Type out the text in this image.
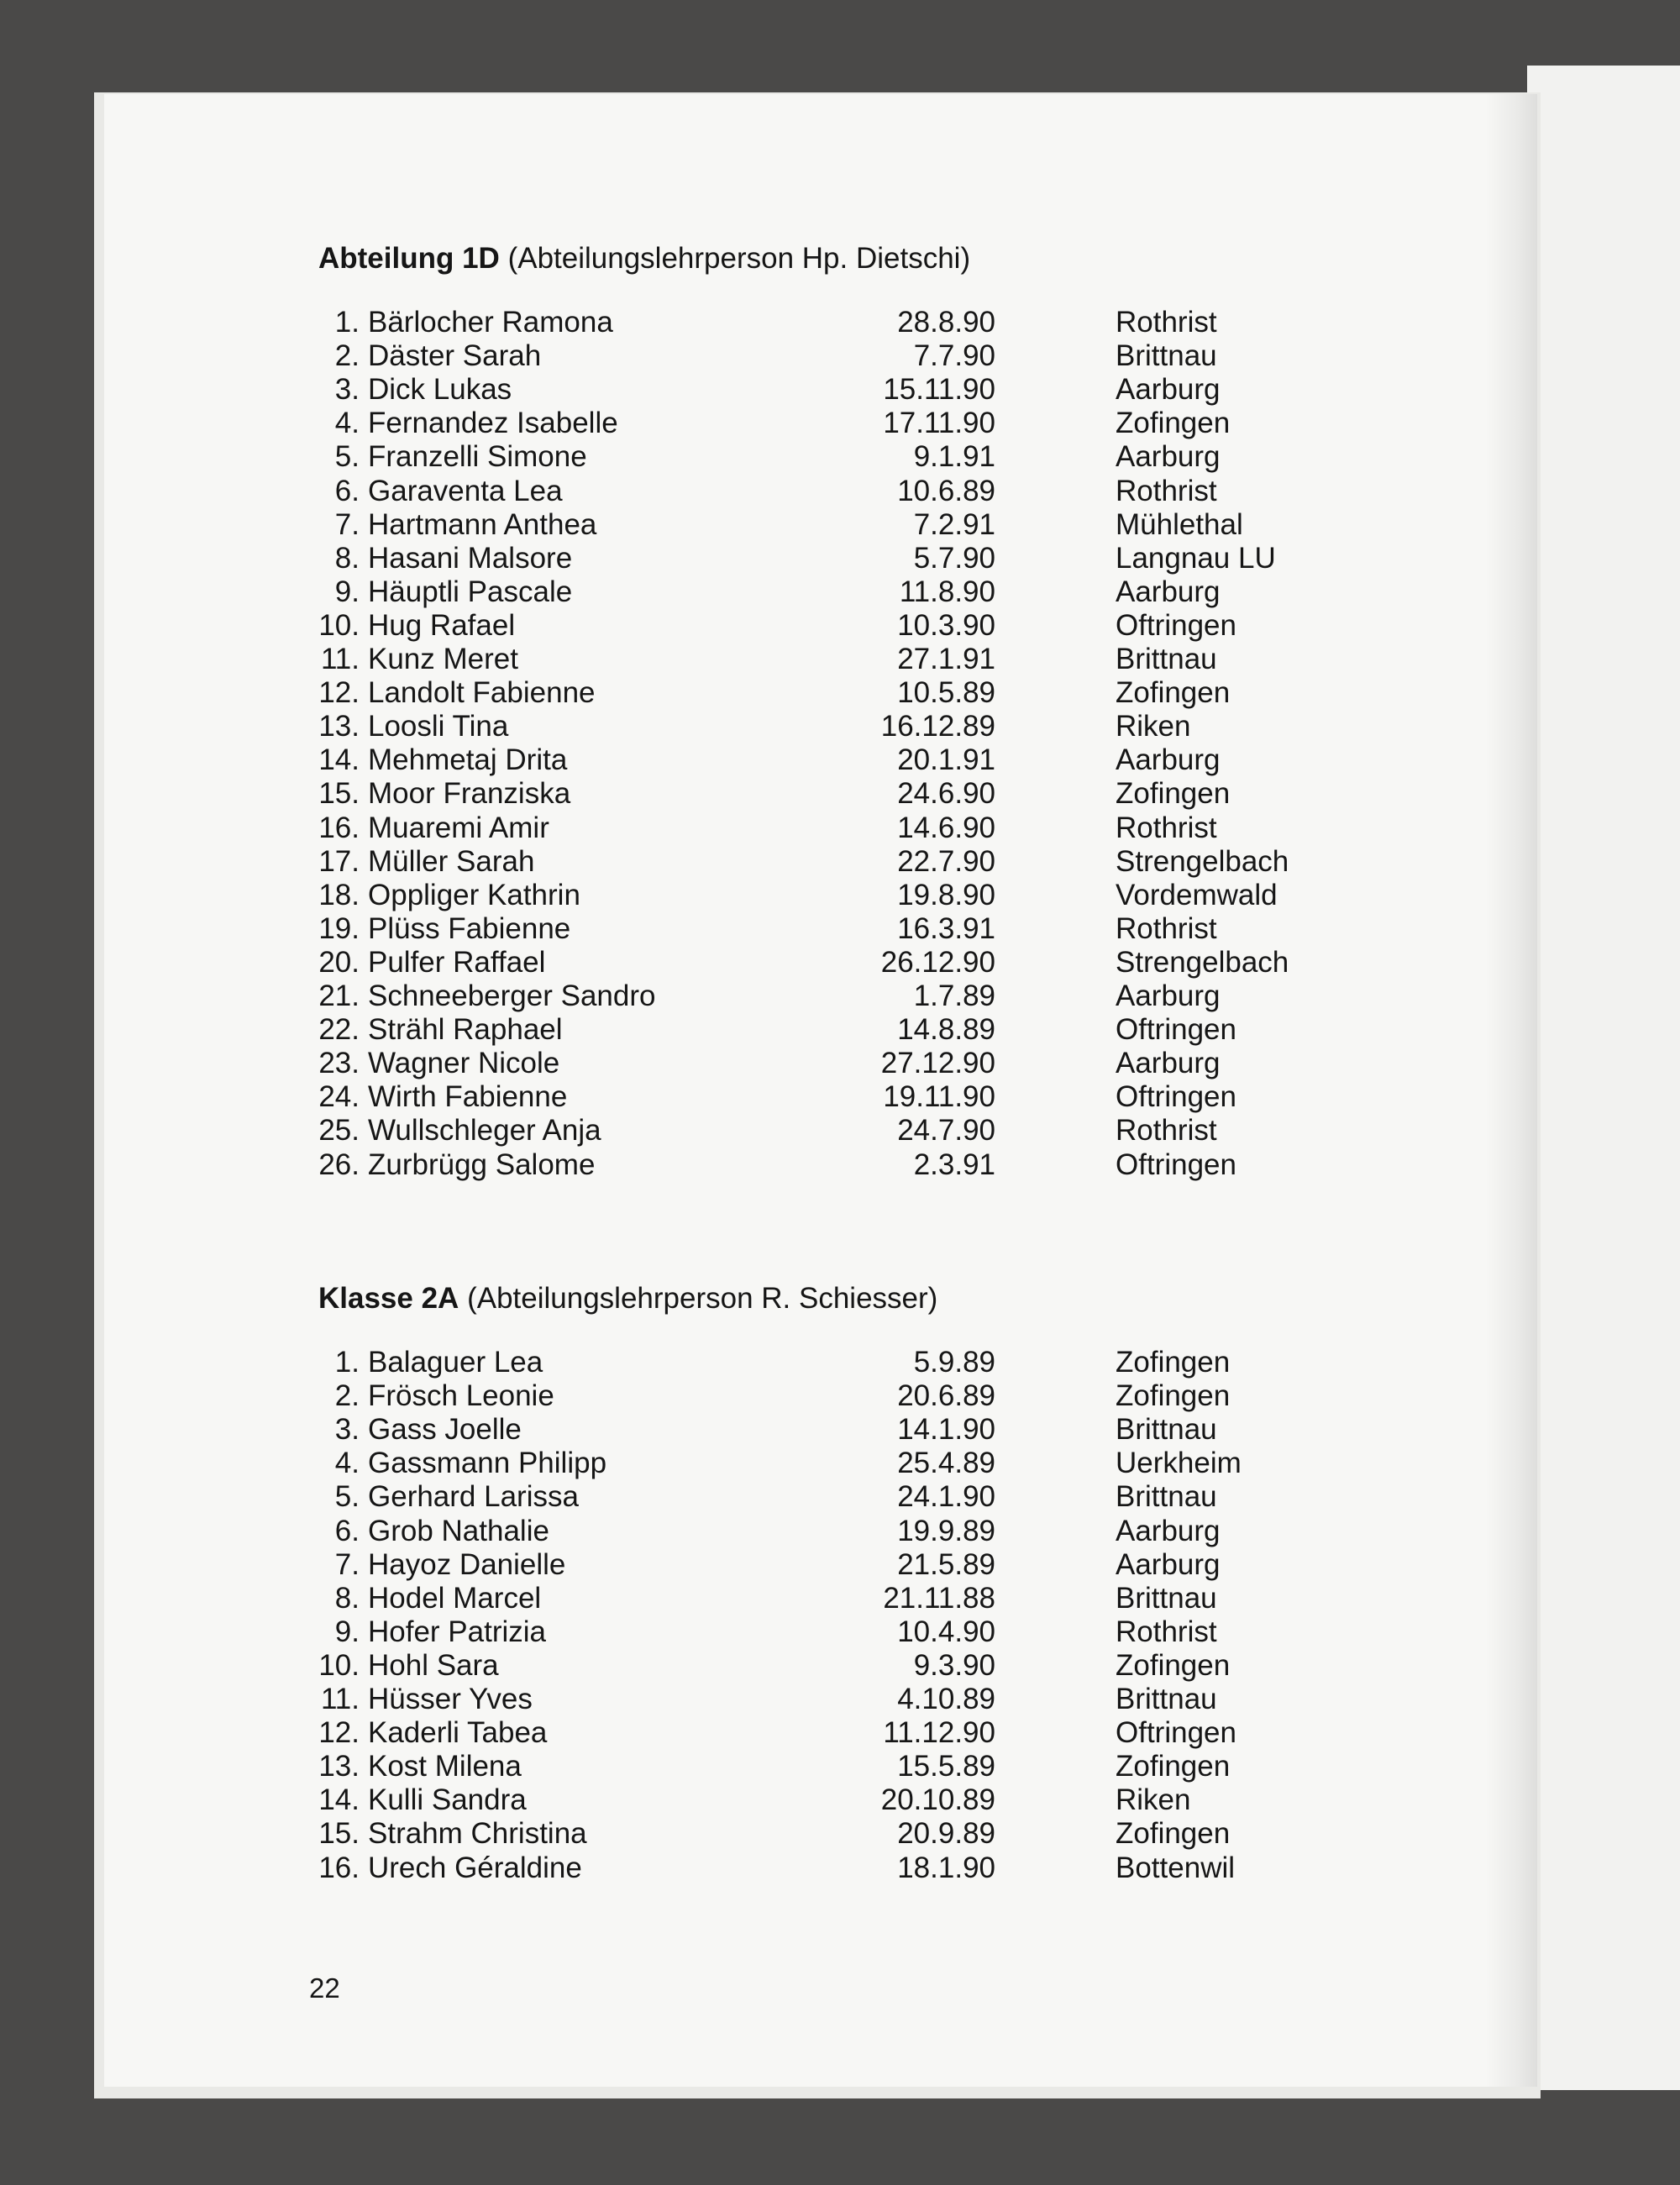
Abteilung 1D (Abteilungslehrperson Hp. Dietschi)
1. Bärlocher Ramona	28.8.90	Rothrist
2. Däster Sarah	7.7.90	Brittnau
3. Dick Lukas	15.11.90	Aarburg
4. Fernandez Isabelle	17.11.90	Zofingen
5. Franzelli Simone	9.1.91	Aarburg
6. Garaventa Lea	10.6.89	Rothrist
7. Hartmann Anthea	7.2.91	Mühlethal
8. Hasani Malsore	5.7.90	Langnau LU
9. Häuptli Pascale	11.8.90	Aarburg
10. Hug Rafael	10.3.90	Oftringen
11. Kunz Meret	27.1.91	Brittnau
12. Landolt Fabienne	10.5.89	Zofingen
13. Loosli Tina	16.12.89	Riken
14. Mehmetaj Drita	20.1.91	Aarburg
15. Moor Franziska	24.6.90	Zofingen
16. Muaremi Amir	14.6.90	Rothrist
17. Müller Sarah	22.7.90	Strengelbach
18. Oppliger Kathrin	19.8.90	Vordemwald
19. Plüss Fabienne	16.3.91	Rothrist
20. Pulfer Raffael	26.12.90	Strengelbach
21. Schneeberger Sandro	1.7.89	Aarburg
22. Strähl Raphael	14.8.89	Oftringen
23. Wagner Nicole	27.12.90	Aarburg
24. Wirth Fabienne	19.11.90	Oftringen
25. Wullschleger Anja	24.7.90	Rothrist
26. Zurbrügg Salome	2.3.91	Oftringen
Klasse 2A (Abteilungslehrperson R. Schiesser)
1. Balaguer Lea	5.9.89	Zofingen
2. Frösch Leonie	20.6.89	Zofingen
3. Gass Joelle	14.1.90	Brittnau
4. Gassmann Philipp	25.4.89	Uerkheim
5. Gerhard Larissa	24.1.90	Brittnau
6. Grob Nathalie	19.9.89	Aarburg
7. Hayoz Danielle	21.5.89	Aarburg
8. Hodel Marcel	21.11.88	Brittnau
9. Hofer Patrizia	10.4.90	Rothrist
10. Hohl Sara	9.3.90	Zofingen
11. Hüsser Yves	4.10.89	Brittnau
12. Kaderli Tabea	11.12.90	Oftringen
13. Kost Milena	15.5.89	Zofingen
14. Kulli Sandra	20.10.89	Riken
15. Strahm Christina	20.9.89	Zofingen
16. Urech Géraldine	18.1.90	Bottenwil
22
